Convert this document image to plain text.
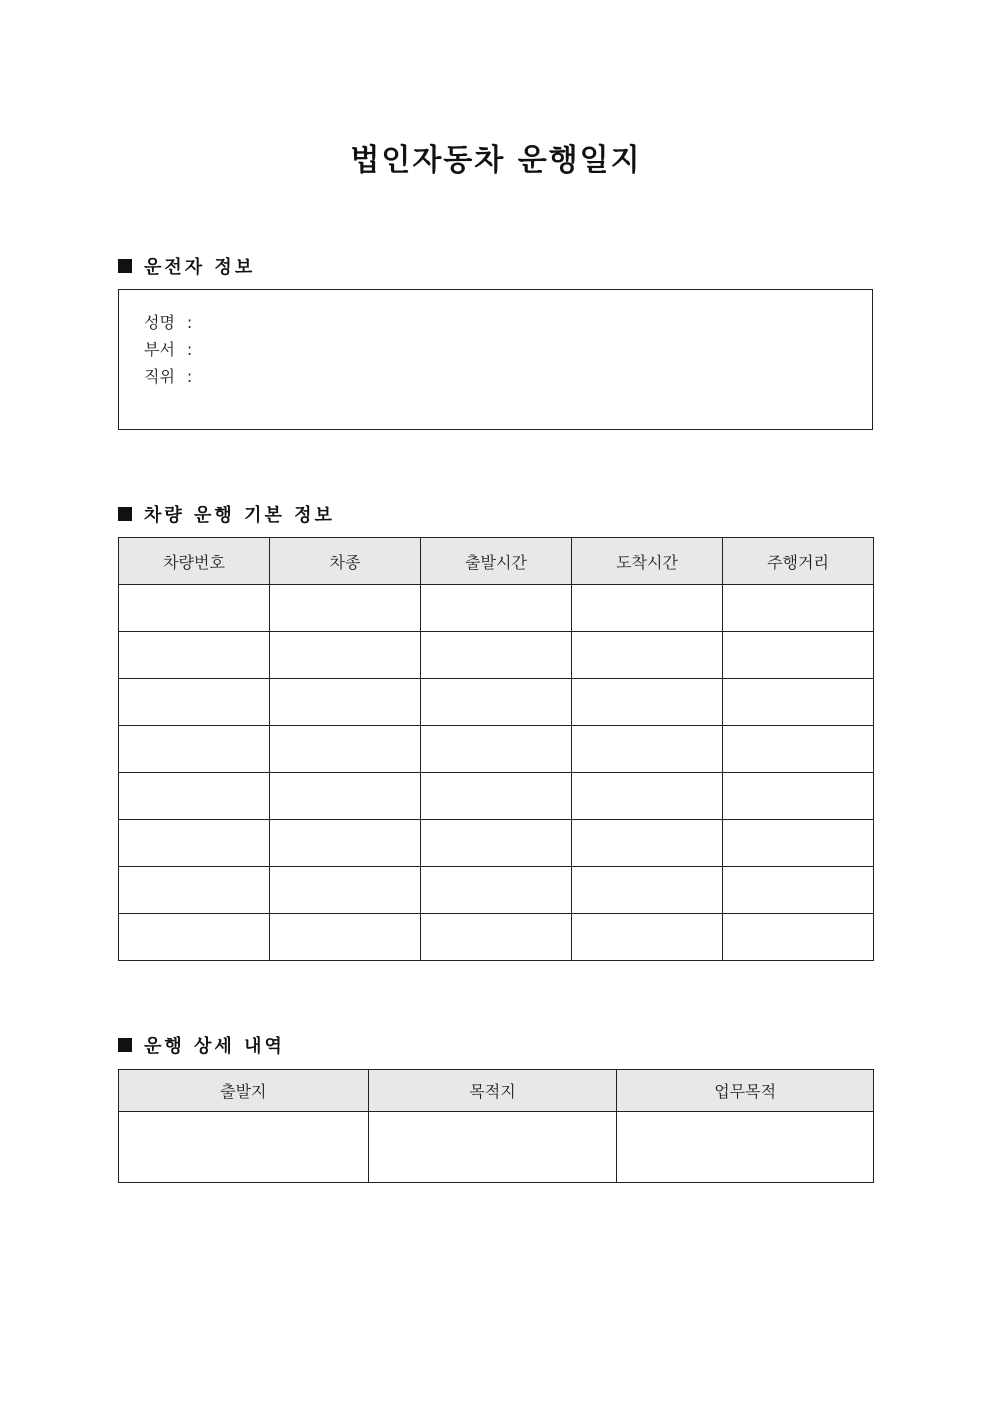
법인자동차 운행일지
운전자 정보
성명 :
부서 :
직위 :
차량 운행 기본 정보
차량번호	차종	출발시간	도착시간	주행거리

운행 상세 내역
출발지	목적지	업무목적
